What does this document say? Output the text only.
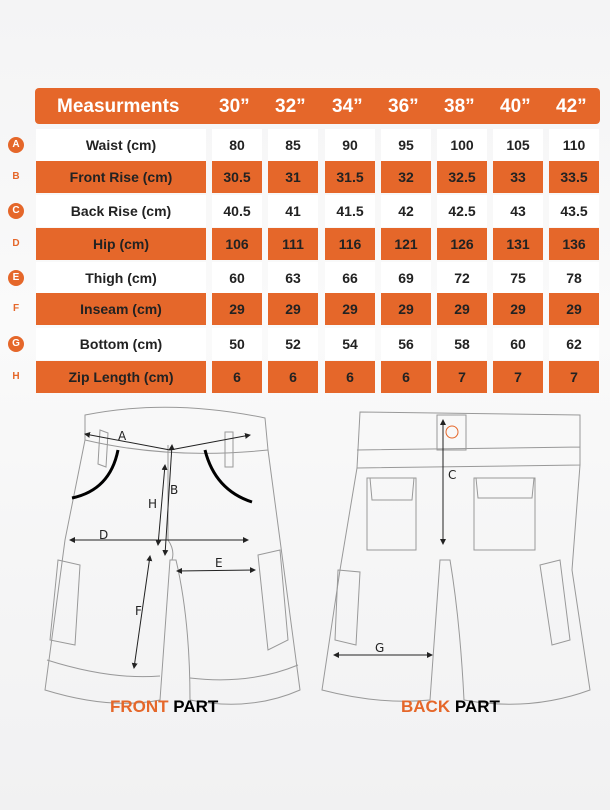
Measurments 30” 32” 34” 36” 38” 40” 42”
A	Waist (cm)	80	85	90	95	100	105	110
B	Front Rise (cm)	30.5	31	31.5	32	32.5	33	33.5
C	Back Rise (cm)	40.5	41	41.5	42	42.5	43	43.5
D	Hip (cm)	106	111	116	121	126	131	136
E	Thigh (cm)	60	63	66	69	72	75	78
F	Inseam (cm)	29	29	29	29	29	29	29
G	Bottom (cm)	50	52	54	56	58	60	62
H	Zip Length (cm)	6	6	6	6	7	7	7
A
B
H
D
E
F
C
G
FRONT PART	BACK PART
